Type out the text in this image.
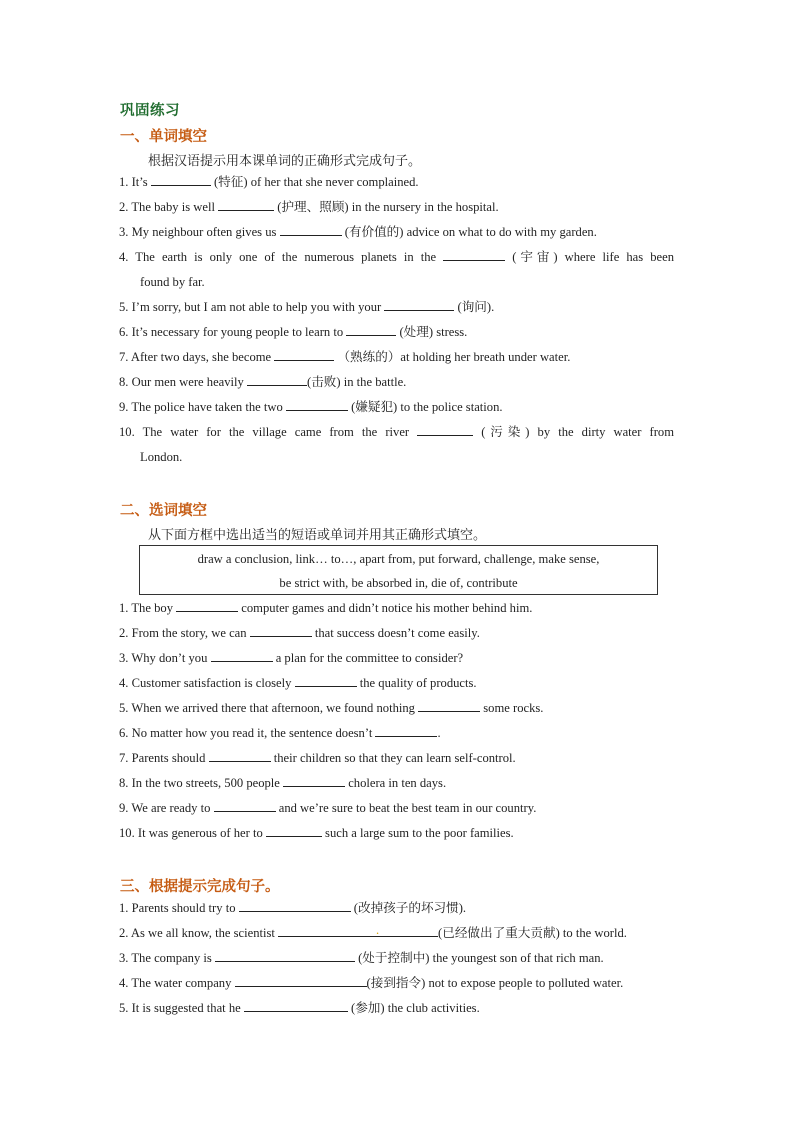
巩固练习
一、单词填空
根据汉语提示用本课单词的正确形式完成句子。
1. It’s	(特征) of her that she never complained.
2. The baby is well	(护理、照顾) in the nursery in the hospital.
3. My neighbour often gives us	(有价值的) advice on what to do with my garden.
4. The earth is only one of the numerous planets in the	(宇宙) where life has been
found by far.
5. I’m sorry, but I am not able to help you with your	(询问).
6. It’s necessary for young people to learn to	(处理) stress.
7. After two days, she become	（熟练的）at holding her breath under water.
8. Our men were heavily	(击败) in the battle.
9. The police have taken the two	(嫌疑犯) to the police station.
10. The water for the village came from the river	(污染) by the dirty water from
London.
二、选词填空
从下面方框中选出适当的短语或单词并用其正确形式填空。
draw a conclusion, link… to…, apart from, put forward, challenge, make sense,
be strict with, be absorbed in, die of, contribute
1. The boy	computer games and didn’t notice his mother behind him.
2. From the story, we can	that success doesn’t come easily.
3. Why don’t you	a plan for the committee to consider?
4. Customer satisfaction is closely	the quality of products.
5. When we arrived there that afternoon, we found nothing	some rocks.
6. No matter how you read it, the sentence doesn’t	.
7. Parents should	their children so that they can learn self-control.
8. In the two streets, 500 people	cholera in ten days.
9. We are ready to	and we’re sure to beat the best team in our country.
10. It was generous of her to	such a large sum to the poor families.
三、根据提示完成句子。
1. Parents should try to	(改掉孩子的坏习惯).
2. As we all know, the scientist	.	(已经做出了重大贡献) to the world.
3. The company is	(处于控制中) the youngest son of that rich man.
4. The water company	(接到指令) not to expose people to polluted water.
5. It is suggested that he	(参加) the club activities.
